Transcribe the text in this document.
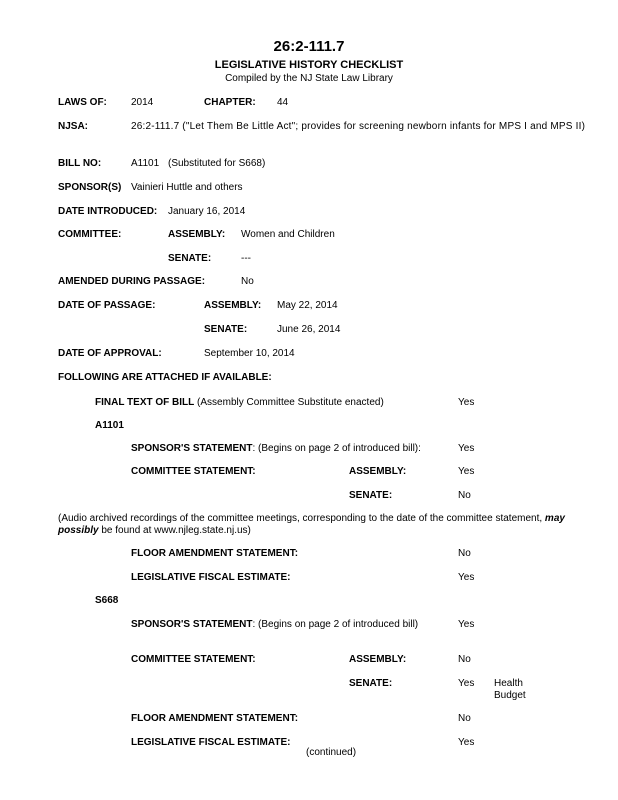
26:2-111.7
LEGISLATIVE HISTORY CHECKLIST
Compiled by the NJ State Law Library
LAWS OF: 2014	CHAPTER: 44
NJSA:	26:2-111.7 ("Let Them Be Little Act"; provides for screening newborn infants for MPS I and MPS II)
BILL NO:	A1101 (Substituted for S668)
SPONSOR(S) Vainieri Huttle and others
DATE INTRODUCED: January 16, 2014
COMMITTEE:	ASSEMBLY: Women and Children
SENATE:	---
AMENDED DURING PASSAGE:	No
DATE OF PASSAGE:	ASSEMBLY: May 22, 2014
SENATE:	June 26, 2014
DATE OF APPROVAL:	September 10, 2014
FOLLOWING ARE ATTACHED IF AVAILABLE:
FINAL TEXT OF BILL (Assembly Committee Substitute enacted)	Yes
A1101
SPONSOR'S STATEMENT: (Begins on page 2 of introduced bill):	Yes
COMMITTEE STATEMENT:	ASSEMBLY:	Yes
SENATE:	No
(Audio archived recordings of the committee meetings, corresponding to the date of the committee statement, may possibly be found at www.njleg.state.nj.us)
FLOOR AMENDMENT STATEMENT:	No
LEGISLATIVE FISCAL ESTIMATE:	Yes
S668
SPONSOR'S STATEMENT: (Begins on page 2 of introduced bill)	Yes
COMMITTEE STATEMENT:	ASSEMBLY:	No
SENATE:	Yes Health
Budget
FLOOR AMENDMENT STATEMENT:	No
LEGISLATIVE FISCAL ESTIMATE:	Yes
(continued)
